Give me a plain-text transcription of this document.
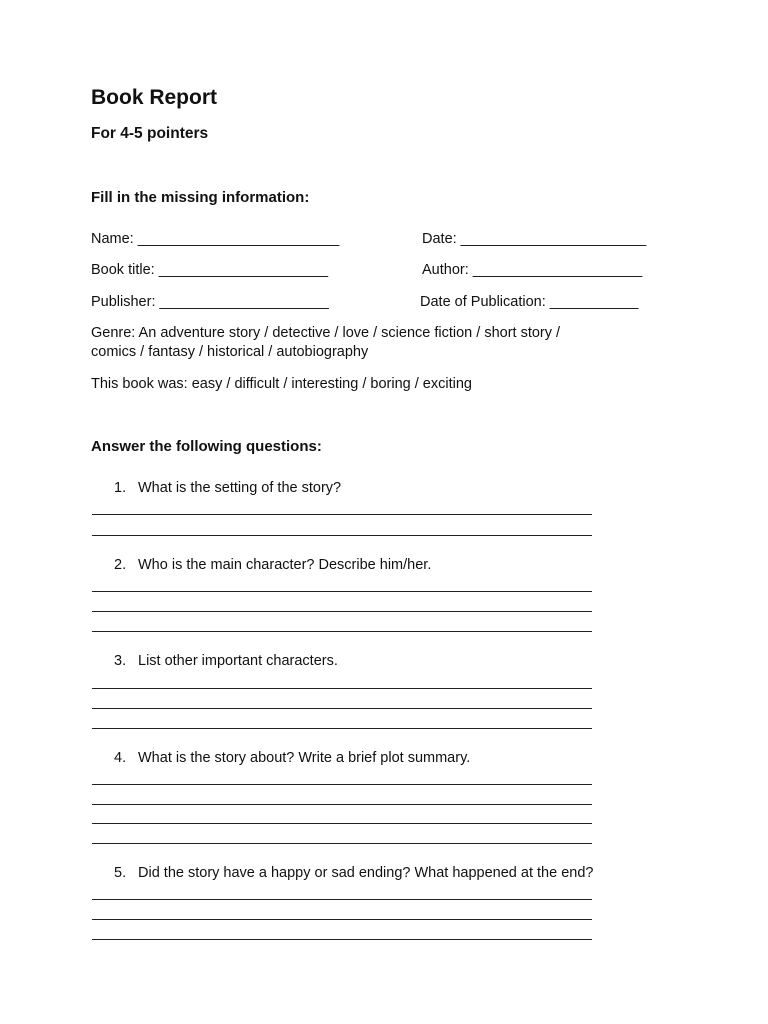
Book Report
For 4-5 pointers
Fill in the missing information:
Name: _________________________	Date: _______________________
Book title: _____________________	Author: _____________________
Publisher: _____________________	Date of Publication: ___________
Genre: An adventure story / detective / love / science fiction / short story /
comics / fantasy / historical / autobiography
This book was: easy / difficult / interesting / boring / exciting
Answer the following questions:
1. What is the setting of the story?
2. Who is the main character? Describe him/her.
3. List other important characters.
4. What is the story about? Write a brief plot summary.
5. Did the story have a happy or sad ending? What happened at the end?
